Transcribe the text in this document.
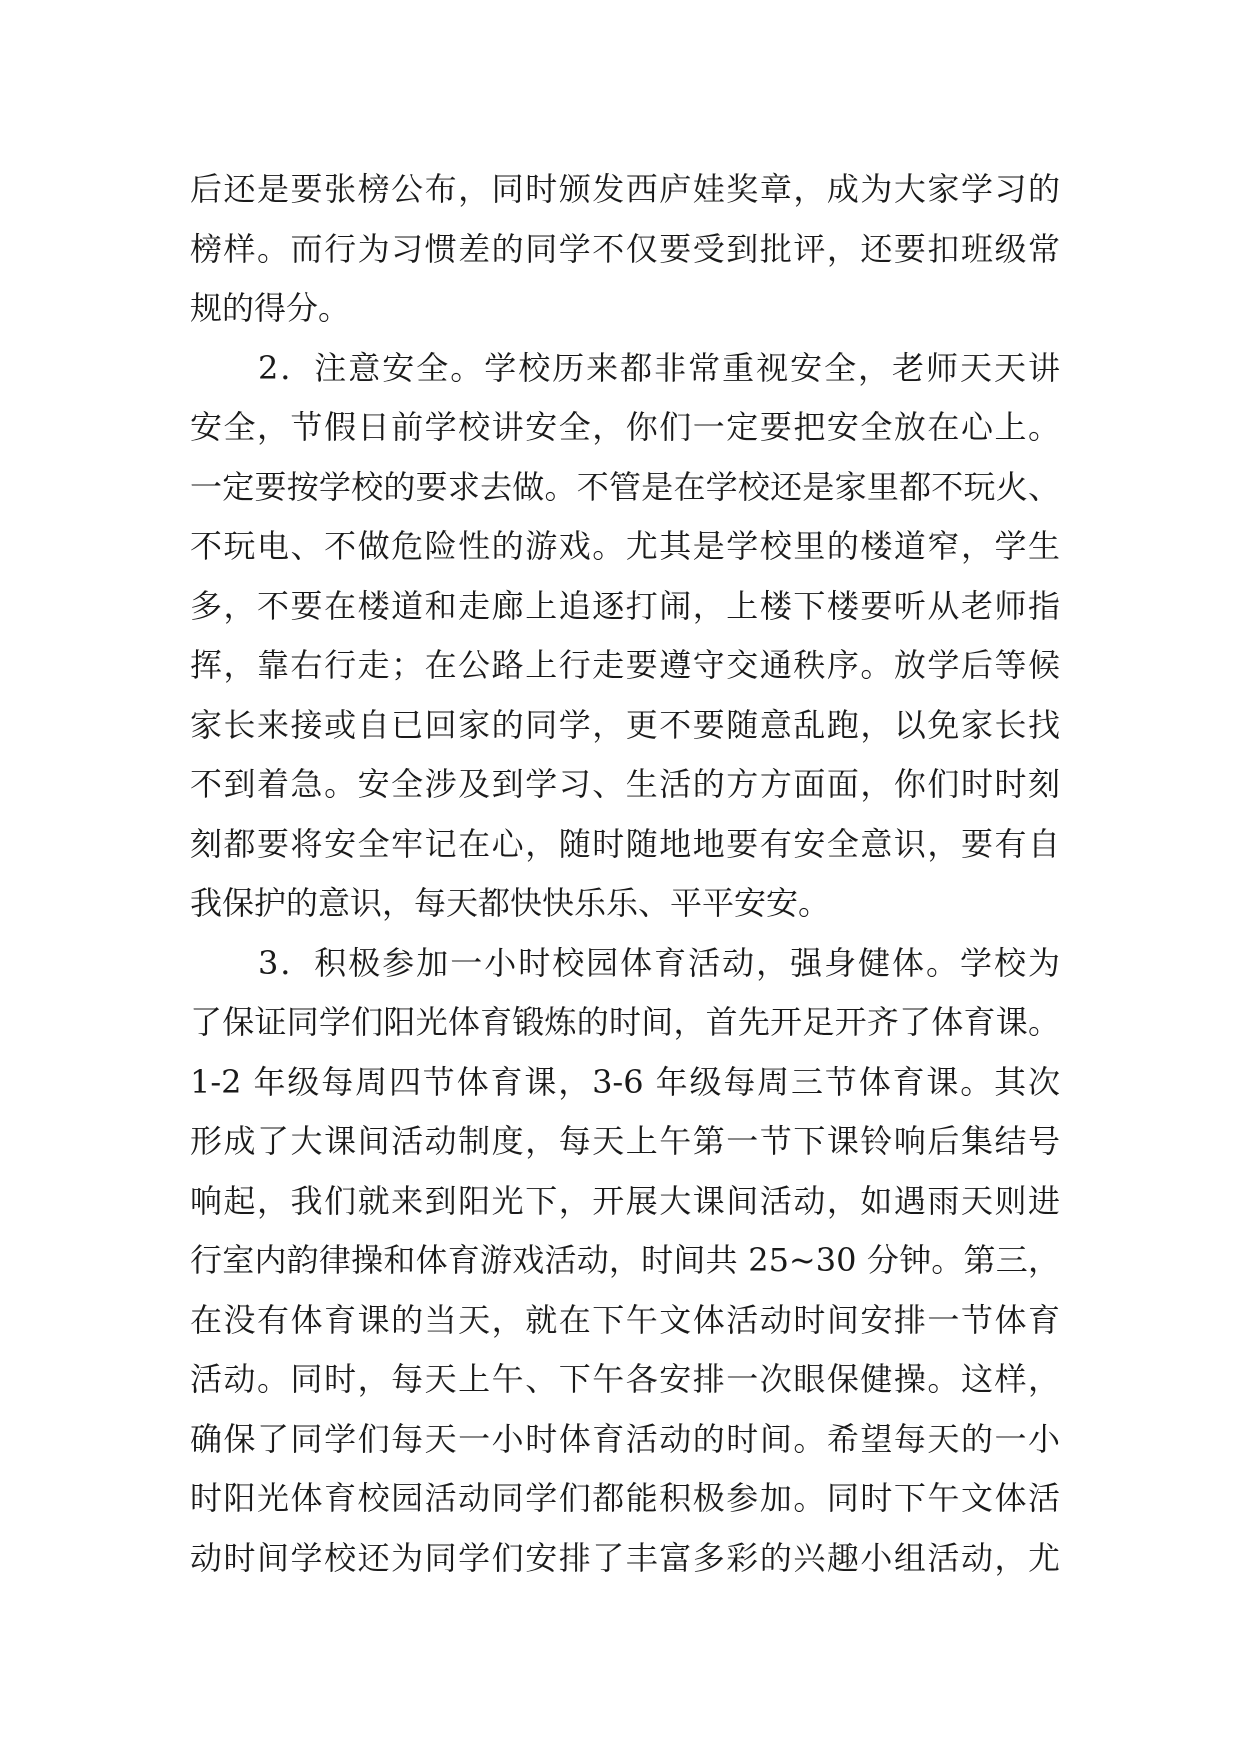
后还是要张榜公布，同时颁发西庐娃奖章，成为大家学习的
榜样。而行为习惯差的同学不仅要受到批评，还要扣班级常
规的得分。
　　2．注意安全。学校历来都非常重视安全，老师天天讲
安全，节假日前学校讲安全，你们一定要把安全放在心上。
一定要按学校的要求去做。不管是在学校还是家里都不玩火、
不玩电、不做危险性的游戏。尤其是学校里的楼道窄，学生
多，不要在楼道和走廊上追逐打闹，上楼下楼要听从老师指
挥，靠右行走；在公路上行走要遵守交通秩序。放学后等候
家长来接或自已回家的同学，更不要随意乱跑，以免家长找
不到着急。安全涉及到学习、生活的方方面面，你们时时刻
刻都要将安全牢记在心，随时随地地要有安全意识，要有自
我保护的意识，每天都快快乐乐、平平安安。
　　3．积极参加一小时校园体育活动，强身健体。学校为
了保证同学们阳光体育锻炼的时间，首先开足开齐了体育课。
1-2 年级每周四节体育课，3-6 年级每周三节体育课。其次
形成了大课间活动制度，每天上午第一节下课铃响后集结号
响起，我们就来到阳光下，开展大课间活动，如遇雨天则进
行室内韵律操和体育游戏活动，时间共 25~30 分钟。第三，
在没有体育课的当天，就在下午文体活动时间安排一节体育
活动。同时，每天上午、下午各安排一次眼保健操。这样，
确保了同学们每天一小时体育活动的时间。希望每天的一小
时阳光体育校园活动同学们都能积极参加。同时下午文体活
动时间学校还为同学们安排了丰富多彩的兴趣小组活动，尤
